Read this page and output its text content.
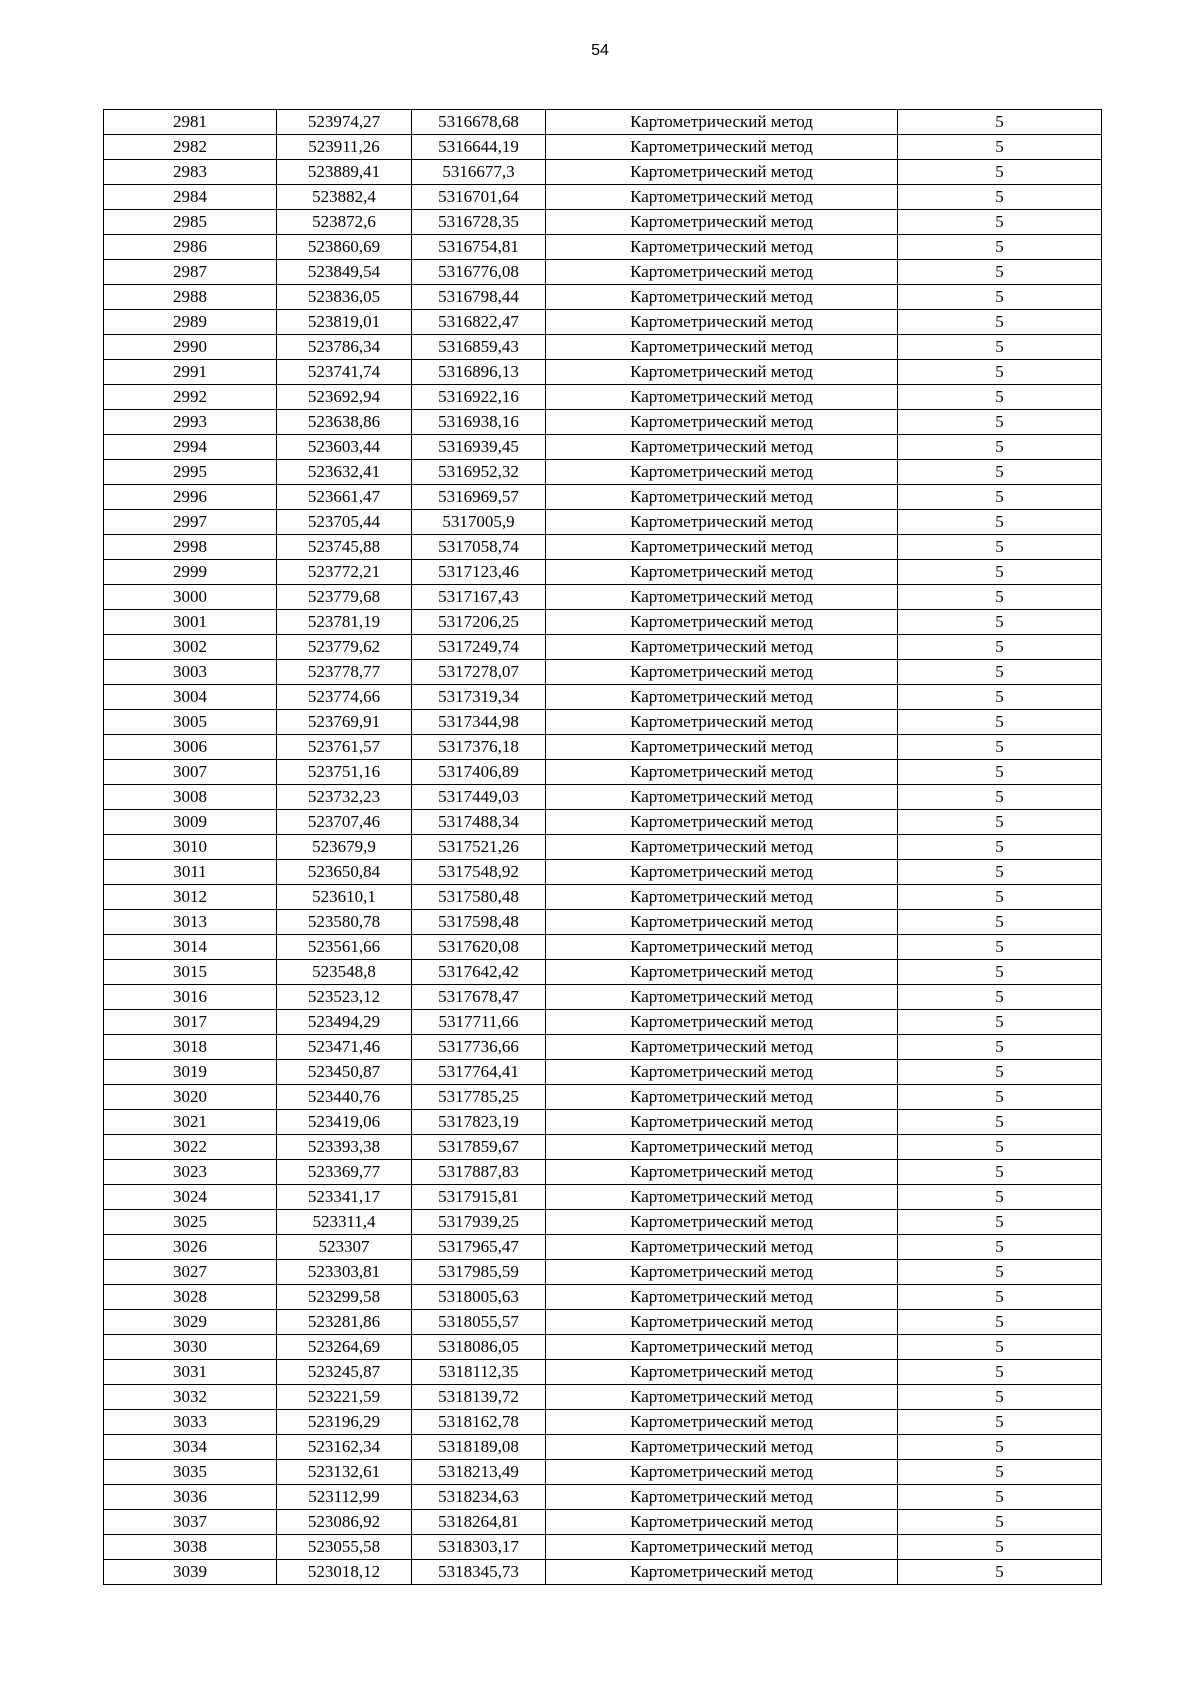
54
2981	523974,27	5316678,68	Картометрический метод	5
2982	523911,26	5316644,19	Картометрический метод	5
2983	523889,41	5316677,3	Картометрический метод	5
2984	523882,4	5316701,64	Картометрический метод	5
2985	523872,6	5316728,35	Картометрический метод	5
2986	523860,69	5316754,81	Картометрический метод	5
2987	523849,54	5316776,08	Картометрический метод	5
2988	523836,05	5316798,44	Картометрический метод	5
2989	523819,01	5316822,47	Картометрический метод	5
2990	523786,34	5316859,43	Картометрический метод	5
2991	523741,74	5316896,13	Картометрический метод	5
2992	523692,94	5316922,16	Картометрический метод	5
2993	523638,86	5316938,16	Картометрический метод	5
2994	523603,44	5316939,45	Картометрический метод	5
2995	523632,41	5316952,32	Картометрический метод	5
2996	523661,47	5316969,57	Картометрический метод	5
2997	523705,44	5317005,9	Картометрический метод	5
2998	523745,88	5317058,74	Картометрический метод	5
2999	523772,21	5317123,46	Картометрический метод	5
3000	523779,68	5317167,43	Картометрический метод	5
3001	523781,19	5317206,25	Картометрический метод	5
3002	523779,62	5317249,74	Картометрический метод	5
3003	523778,77	5317278,07	Картометрический метод	5
3004	523774,66	5317319,34	Картометрический метод	5
3005	523769,91	5317344,98	Картометрический метод	5
3006	523761,57	5317376,18	Картометрический метод	5
3007	523751,16	5317406,89	Картометрический метод	5
3008	523732,23	5317449,03	Картометрический метод	5
3009	523707,46	5317488,34	Картометрический метод	5
3010	523679,9	5317521,26	Картометрический метод	5
3011	523650,84	5317548,92	Картометрический метод	5
3012	523610,1	5317580,48	Картометрический метод	5
3013	523580,78	5317598,48	Картометрический метод	5
3014	523561,66	5317620,08	Картометрический метод	5
3015	523548,8	5317642,42	Картометрический метод	5
3016	523523,12	5317678,47	Картометрический метод	5
3017	523494,29	5317711,66	Картометрический метод	5
3018	523471,46	5317736,66	Картометрический метод	5
3019	523450,87	5317764,41	Картометрический метод	5
3020	523440,76	5317785,25	Картометрический метод	5
3021	523419,06	5317823,19	Картометрический метод	5
3022	523393,38	5317859,67	Картометрический метод	5
3023	523369,77	5317887,83	Картометрический метод	5
3024	523341,17	5317915,81	Картометрический метод	5
3025	523311,4	5317939,25	Картометрический метод	5
3026	523307	5317965,47	Картометрический метод	5
3027	523303,81	5317985,59	Картометрический метод	5
3028	523299,58	5318005,63	Картометрический метод	5
3029	523281,86	5318055,57	Картометрический метод	5
3030	523264,69	5318086,05	Картометрический метод	5
3031	523245,87	5318112,35	Картометрический метод	5
3032	523221,59	5318139,72	Картометрический метод	5
3033	523196,29	5318162,78	Картометрический метод	5
3034	523162,34	5318189,08	Картометрический метод	5
3035	523132,61	5318213,49	Картометрический метод	5
3036	523112,99	5318234,63	Картометрический метод	5
3037	523086,92	5318264,81	Картометрический метод	5
3038	523055,58	5318303,17	Картометрический метод	5
3039	523018,12	5318345,73	Картометрический метод	5
